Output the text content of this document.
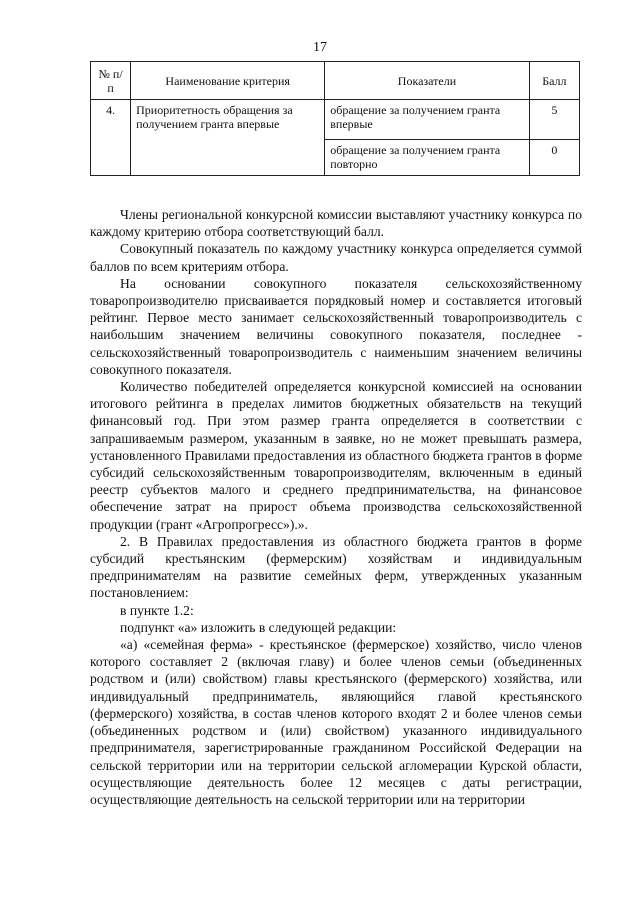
17
№ п/п	Наименование критерия	Показатели	Балл
4.	Приоритетность обращения за получением гранта впервые	обращение за получением гранта впервые	5
		обращение за получением гранта повторно	0

Члены региональной конкурсной комиссии выставляют участнику конкурса по каждому критерию отбора соответствующий балл.

Совокупный показатель по каждому участнику конкурса определяется суммой баллов по всем критериям отбора.

На основании совокупного показателя сельскохозяйственному товаропроизводителю присваивается порядковый номер и составляется итоговый рейтинг. Первое место занимает сельскохозяйственный товаропроизводитель с наибольшим значением величины совокупного показателя, последнее - сельскохозяйственный товаропроизводитель с наименьшим значением величины совокупного показателя.

Количество победителей определяется конкурсной комиссией на основании итогового рейтинга в пределах лимитов бюджетных обязательств на текущий финансовый год. При этом размер гранта определяется в соответствии с запрашиваемым размером, указанным в заявке, но не может превышать размера, установленного Правилами предоставления из областного бюджета грантов в форме субсидий сельскохозяйственным товаропроизводителям, включенным в единый реестр субъектов малого и среднего предпринимательства, на финансовое обеспечение затрат на прирост объема производства сельскохозяйственной продукции (грант «Агропрогресс»).».

2. В Правилах предоставления из областного бюджета грантов в форме субсидий крестьянским (фермерским) хозяйствам и индивидуальным предпринимателям на развитие семейных ферм, утвержденных указанным постановлением:

в пункте 1.2:

подпункт «а» изложить в следующей редакции:

«а) «семейная ферма» - крестьянское (фермерское) хозяйство, число членов которого составляет 2 (включая главу) и более членов семьи (объединенных родством и (или) свойством) главы крестьянского (фермерского) хозяйства, или индивидуальный предприниматель, являющийся главой крестьянского (фермерского) хозяйства, в состав членов которого входят 2 и более членов семьи (объединенных родством и (или) свойством) указанного индивидуального предпринимателя, зарегистрированные гражданином Российской Федерации на сельской территории или на территории сельской агломерации Курской области, осуществляющие деятельность более 12 месяцев с даты регистрации, осуществляющие деятельность на сельской территории или на территории
